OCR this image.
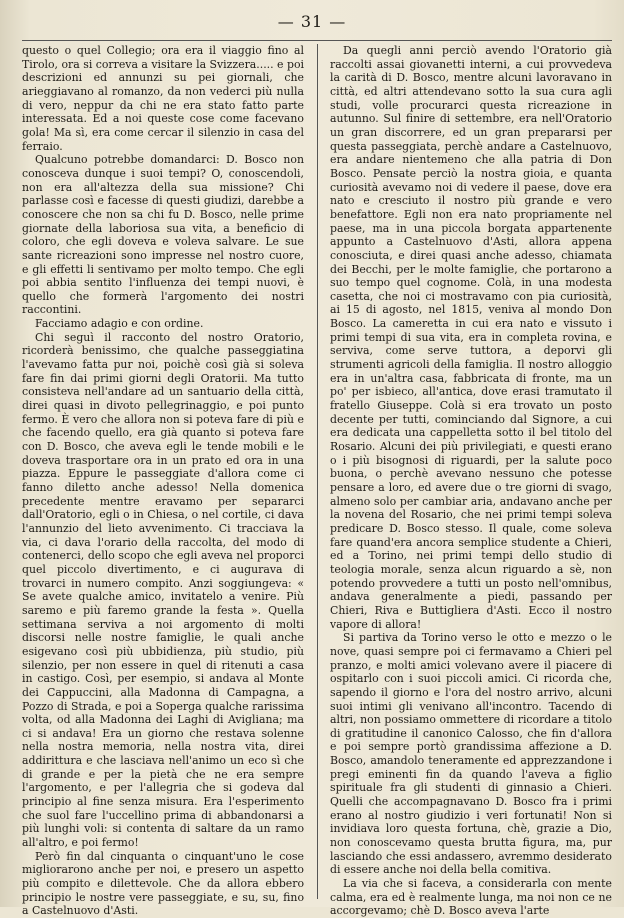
— 31 —

questo o quel Collegio; ora era il viaggio fino al Tirolo, ora si correva a visitare la Svizzera..... e poi descrizioni ed annunzi su pei giornali, che arieggiavano al romanzo, da non vederci più nulla di vero, neppur da chi ne era stato fatto parte interessata. Ed a noi queste cose come facevano gola! Ma sì, era come cercar il silenzio in casa del ferraio.

Qualcuno potrebbe domandarci: D. Bosco non conosceva dunque i suoi tempi? O, conoscendoli, non era all'altezza della sua missione? Chi parlasse così e facesse di questi giudizi, darebbe a conoscere che non sa chi fu D. Bosco, nelle prime giornate della laboriosa sua vita, a beneficio di coloro, che egli doveva e voleva salvare. Le sue sante ricreazioni sono impresse nel nostro cuore, e gli effetti li sentivamo per molto tempo. Che egli poi abbia sentito l'influenza dei tempi nuovi, è quello che formerà l'argomento dei nostri raccontini.

Facciamo adagio e con ordine.

Chi seguì il racconto del nostro Oratorio, ricorderà benissimo, che qualche passeggiatina l'avevamo fatta pur noi, poichè così già si soleva fare fin dai primi giorni degli Oratorii. Ma tutto consisteva nell'andare ad un santuario della città, direi quasi in divoto pellegrinaggio, e poi punto fermo. È vero che allora non si poteva fare di più e che facendo quello, era già quanto si poteva fare con D. Bosco, che aveva egli le tende mobili e le doveva trasportare ora in un prato ed ora in una piazza. Eppure le passeggiate d'allora come ci fanno diletto anche adesso! Nella domenica precedente mentre eravamo per separarci dall'Oratorio, egli o in Chiesa, o nel cortile, ci dava l'annunzio del lieto avvenimento. Ci tracciava la via, ci dava l'orario della raccolta, del modo di contenerci, dello scopo che egli aveva nel proporci quel piccolo divertimento, e ci augurava di trovarci in numero compito. Anzi soggiungeva: « Se avete qualche amico, invitatelo a venire. Più saremo e più faremo grande la festa ». Quella settimana serviva a noi argomento di molti discorsi nelle nostre famiglie, le quali anche esigevano così più ubbidienza, più studio, più silenzio, per non essere in quel di ritenuti a casa in castigo. Così, per esempio, si andava al Monte dei Cappuccini, alla Madonna di Campagna, a Pozzo di Strada, e poi a Soperga qualche rarissima volta, od alla Madonna dei Laghi di Avigliana; ma ci si andava! Era un giorno che restava solenne nella nostra memoria, nella nostra vita, direi addirittura e che lasciava nell'animo un eco sì che di grande e per la pietà che ne era sempre l'argomento, e per l'allegria che si godeva dal principio al fine senza misura. Era l'esperimento che suol fare l'uccellino prima di abbandonarsi a più lunghi voli: si contenta di saltare da un ramo all'altro, e poi fermo!

Però fin dal cinquanta o cinquant'uno le cose migliorarono anche per noi, e presero un aspetto più compito e dilettevole. Che da allora ebbero principio le nostre vere passeggiate, e su, su, fino a Castelnuovo d'Asti.

Da quegli anni perciò avendo l'Oratorio già raccolti assai giovanetti interni, a cui provvedeva la carità di D. Bosco, mentre alcuni lavoravano in città, ed altri attendevano sotto la sua cura agli studi, volle procurarci questa ricreazione in autunno. Sul finire di settembre, era nell'Oratorio un gran discorrere, ed un gran prepararsi per questa passeggiata, perchè andare a Castelnuovo, era andare nientemeno che alla patria di Don Bosco. Pensate perciò la nostra gioia, e quanta curiosità avevamo noi di vedere il paese, dove era nato e cresciuto il nostro più grande e vero benefattore. Egli non era nato propriamente nel paese, ma in una piccola borgata appartenente appunto a Castelnuovo d'Asti, allora appena conosciuta, e direi quasi anche adesso, chiamata dei Becchi, per le molte famiglie, che portarono a suo tempo quel cognome. Colà, in una modesta casetta, che noi ci mostravamo con pia curiosità, ai 15 di agosto, nel 1815, veniva al mondo Don Bosco. La cameretta in cui era nato e vissuto i primi tempi di sua vita, era in completa rovina, e serviva, come serve tuttora, a deporvi gli strumenti agricoli della famiglia. Il nostro alloggio era in un'altra casa, fabbricata di fronte, ma un po' per isbieco, all'antica, dove erasi tramutato il fratello Giuseppe. Colà si era trovato un posto decente per tutti, cominciando dal Signore, a cui era dedicata una cappelletta sotto il bel titolo del Rosario. Alcuni dei più privilegiati, e questi erano o i più bisognosi di riguardi, per la salute poco buona, o perchè avevano nessuno che potesse pensare a loro, ed avere due o tre giorni di svago, almeno solo per cambiar aria, andavano anche per la novena del Rosario, che nei primi tempi soleva predicare D. Bosco stesso. Il quale, come soleva fare quand'era ancora semplice studente a Chieri, ed a Torino, nei primi tempi dello studio di teologia morale, senza alcun riguardo a sè, non potendo provvedere a tutti un posto nell'omnibus, andava generalmente a piedi, passando per Chieri, Riva e Buttigliera d'Asti. Ecco il nostro vapore di allora!

Si partiva da Torino verso le otto e mezzo o le nove, quasi sempre poi ci fermavamo a Chieri pel pranzo, e molti amici volevano avere il piacere di ospitarlo con i suoi piccoli amici. Ci ricorda che, sapendo il giorno e l'ora del nostro arrivo, alcuni suoi intimi gli venivano all'incontro. Tacendo di altri, non possiamo ommettere di ricordare a titolo di gratitudine il canonico Calosso, che fin d'allora e poi sempre portò grandissima affezione a D. Bosco, amandolo teneramente ed apprezzandone i pregi eminenti fin da quando l'aveva a figlio spirituale fra gli studenti di ginnasio a Chieri. Quelli che accompagnavano D. Bosco fra i primi erano al nostro giudizio i veri fortunati! Non si invidiava loro questa fortuna, chè, grazie a Dio, non conoscevamo questa brutta figura, ma, pur lasciando che essi andassero, avremmo desiderato di essere anche noi della bella comitiva.

La via che si faceva, a considerarla con mente calma, era ed è realmente lunga, ma noi non ce ne accorgevamo; chè D. Bosco aveva l'arte
